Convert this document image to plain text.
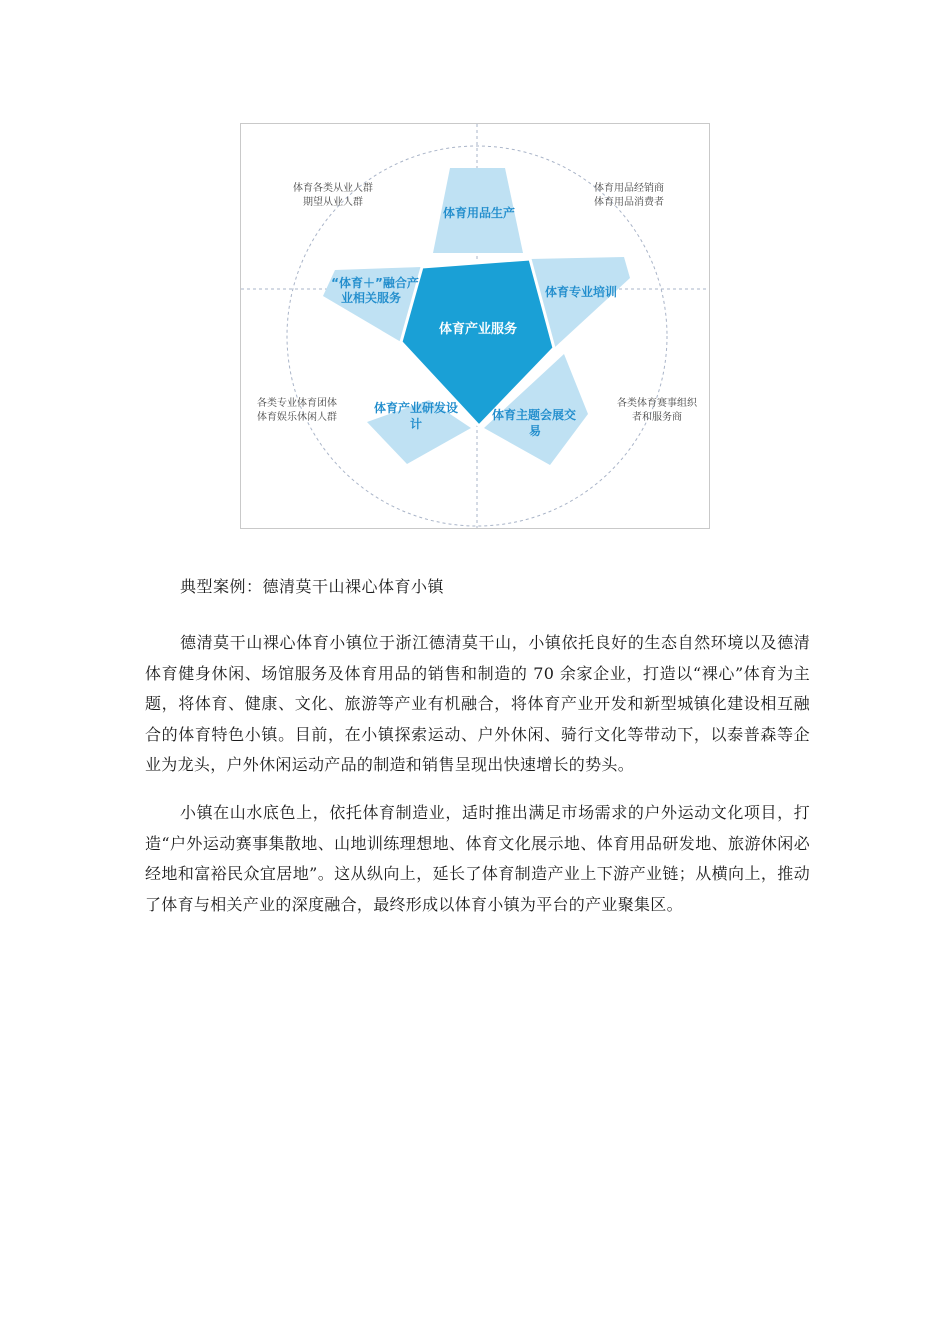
体育产业服务
体育用品生产
体育专业培训
体育主题会展交
易
体育产业研发设
计
“体育＋”融合产
业相关服务
体育各类从业人群
期望从业人群
体育用品经销商
体育用品消费者
各类专业体育团体
体育娱乐休闲人群
各类体育赛事组织
者和服务商
典型案例：德清莫干山裸心体育小镇

德清莫干山裸心体育小镇位于浙江德清莫干山，小镇依托良好的生态自然环境以及德清体育健身休闲、场馆服务及体育用品的销售和制造的 70 余家企业，打造以“裸心”体育为主题，将体育、健康、文化、旅游等产业有机融合，将体育产业开发和新型城镇化建设相互融合的体育特色小镇。目前，在小镇探索运动、户外休闲、骑行文化等带动下，以泰普森等企业为龙头，户外休闲运动产品的制造和销售呈现出快速增长的势头。

小镇在山水底色上，依托体育制造业，适时推出满足市场需求的户外运动文化项目，打造“户外运动赛事集散地、山地训练理想地、体育文化展示地、体育用品研发地、旅游休闲必经地和富裕民众宜居地”。这从纵向上，延长了体育制造产业上下游产业链；从横向上，推动了体育与相关产业的深度融合，最终形成以体育小镇为平台的产业聚集区。
